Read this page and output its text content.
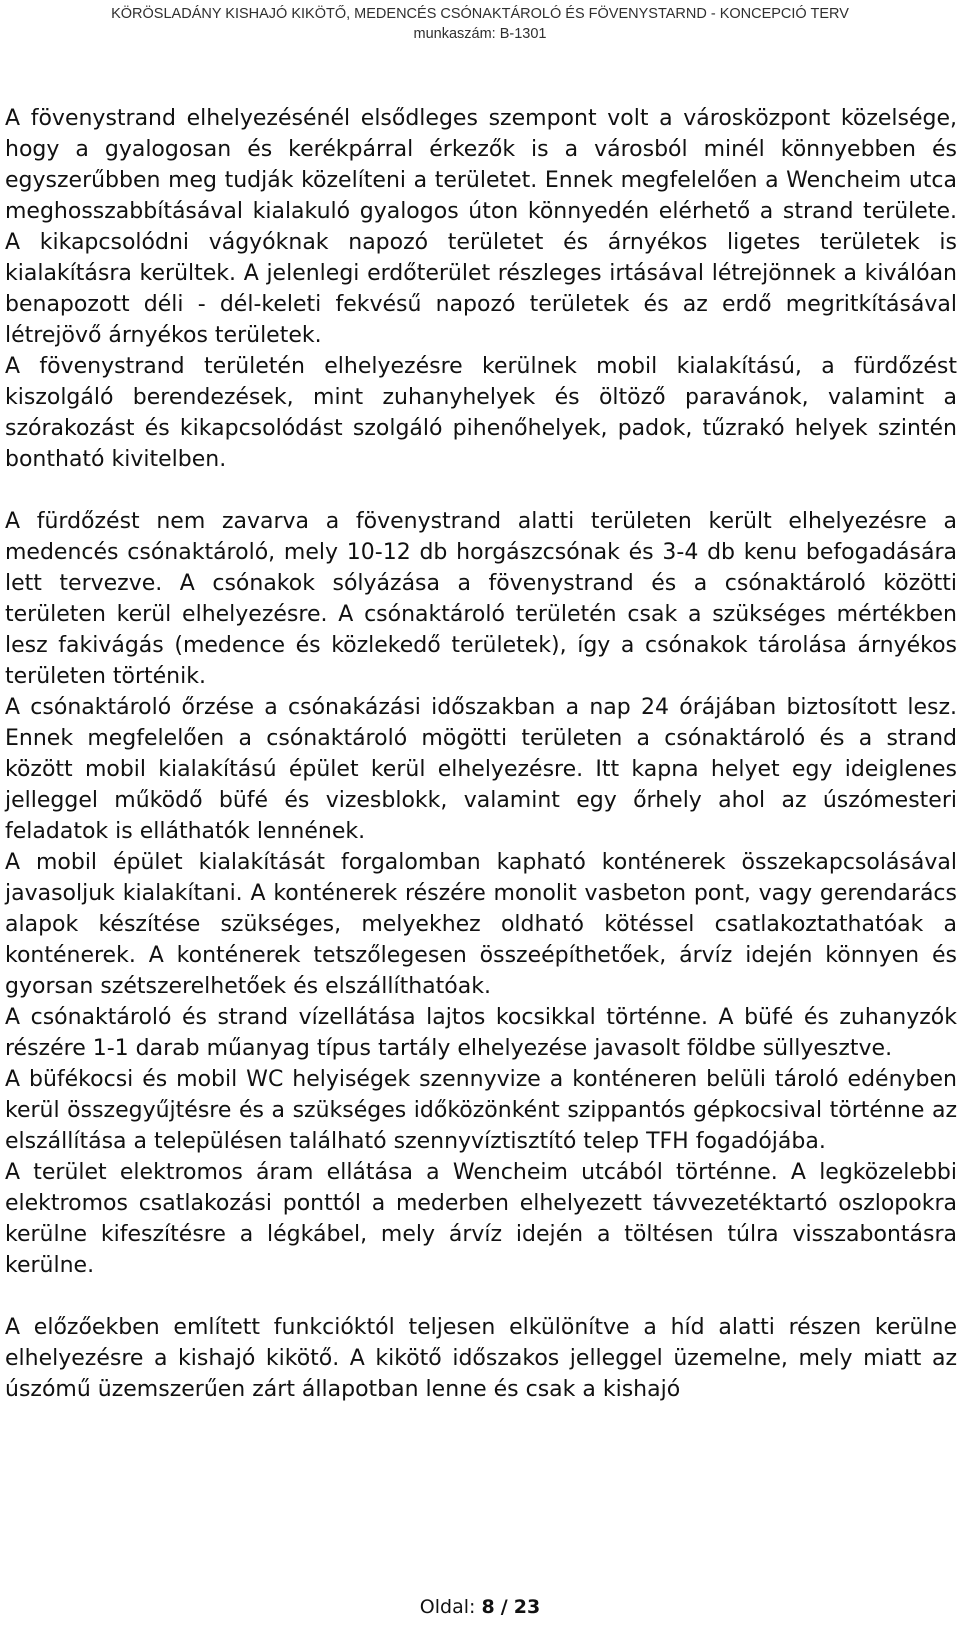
KÖRÖSLADÁNY KISHAJÓ KIKÖTŐ, MEDENCÉS CSÓNAKTÁROLÓ ÉS FÖVENYSTARND - KONCEPCIÓ TERV
munkaszám: B-1301

A fövenystrand elhelyezésénél elsődleges szempont volt a városközpont közelsége, hogy a gyalogosan és kerékpárral érkezők is a városból minél könnyebben és egyszerűbben meg tudják közelíteni a területet. Ennek megfelelően a Wencheim utca meghosszabbításával kialakuló gyalogos úton könnyedén elérhető a strand területe. A kikapcsolódni vágyóknak napozó területet és árnyékos ligetes területek is kialakításra kerültek. A jelenlegi erdőterület részleges irtásával létrejönnek a kiválóan benapozott déli - dél-keleti fekvésű napozó területek és az erdő megritkításával létrejövő árnyékos területek.

A fövenystrand területén elhelyezésre kerülnek mobil kialakítású, a fürdőzést kiszolgáló berendezések, mint zuhanyhelyek és öltöző paravánok, valamint a szórakozást és kikapcsolódást szolgáló pihenőhelyek, padok, tűzrakó helyek szintén bontható kivitelben.

A fürdőzést nem zavarva a fövenystrand alatti területen került elhelyezésre a medencés csónaktároló, mely 10-12 db horgászcsónak és 3-4 db kenu befogadására lett tervezve. A csónakok sólyázása a fövenystrand és a csónaktároló közötti területen kerül elhelyezésre. A csónaktároló területén csak a szükséges mértékben lesz fakivágás (medence és közlekedő területek), így a csónakok tárolása árnyékos területen történik.

A csónaktároló őrzése a csónakázási időszakban a nap 24 órájában biztosított lesz. Ennek megfelelően a csónaktároló mögötti területen a csónaktároló és a strand között mobil kialakítású épület kerül elhelyezésre. Itt kapna helyet egy ideiglenes jelleggel működő büfé és vizesblokk, valamint egy őrhely ahol az úszómesteri feladatok is elláthatók lennének.

A mobil épület kialakítását forgalomban kapható konténerek összekapcsolásával javasoljuk kialakítani. A konténerek részére monolit vasbeton pont, vagy gerendarács alapok készítése szükséges, melyekhez oldható kötéssel csatlakoztathatóak a konténerek. A konténerek tetszőlegesen összeépíthetőek, árvíz idején könnyen és gyorsan szétszerelhetőek és elszállíthatóak.

A csónaktároló és strand vízellátása lajtos kocsikkal történne. A büfé és zuhanyzók részére 1-1 darab műanyag típus tartály elhelyezése javasolt földbe süllyesztve.

A büfékocsi és mobil WC helyiségek szennyvize a konténeren belüli tároló edényben kerül összegyűjtésre és a szükséges időközönként szippantós gépkocsival történne az elszállítása a településen található szennyvíztisztító telep TFH fogadójába.

A terület elektromos áram ellátása a Wencheim utcából történne. A legközelebbi elektromos csatlakozási ponttól a mederben elhelyezett távvezetéktartó oszlopokra kerülne kifeszítésre a légkábel, mely árvíz idején a töltésen túlra visszabontásra kerülne.

A előzőekben említett funkcióktól teljesen elkülönítve a híd alatti részen kerülne elhelyezésre a kishajó kikötő. A kikötő időszakos jelleggel üzemelne, mely miatt az úszómű üzemszerűen zárt állapotban lenne és csak a kishajó

Oldal: 8 / 23
